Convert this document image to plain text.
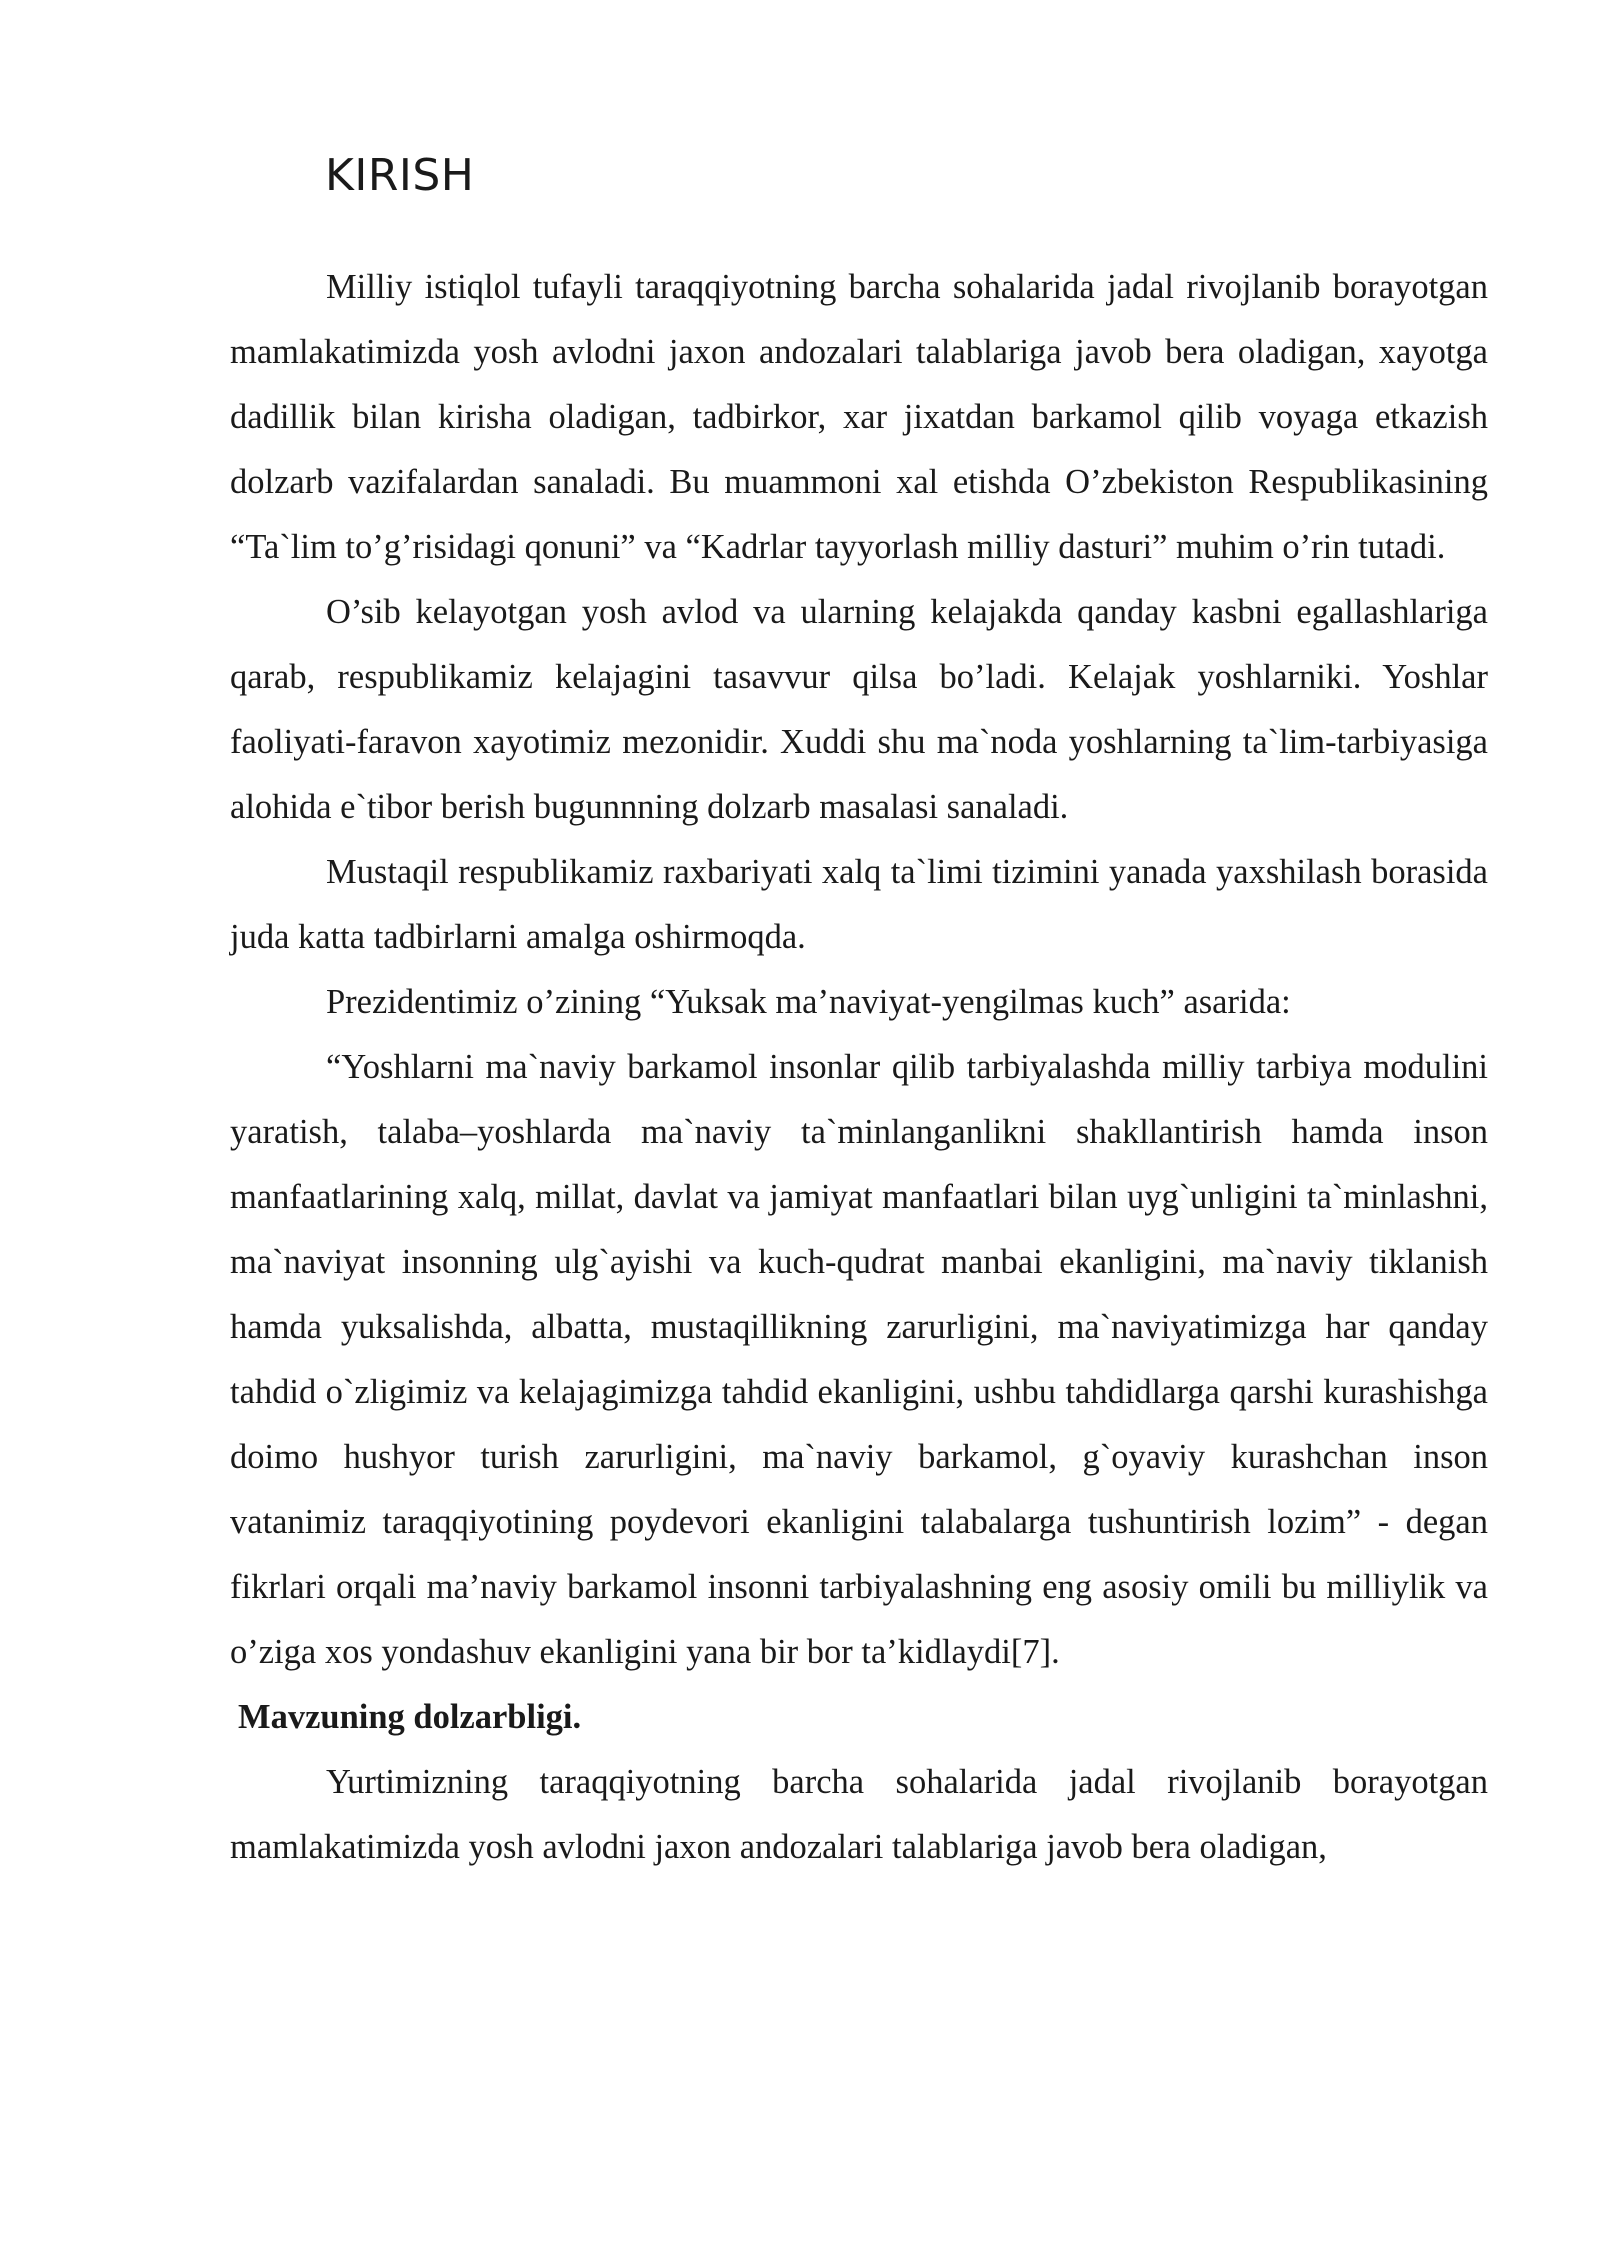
KIRISH

Milliy istiqlol tufayli taraqqiyotning barcha sohalarida jadal rivojlanib borayotgan mamlakatimizda yosh avlodni jaxon andozalari talablariga javob bera oladigan, xayotga dadillik bilan kirisha oladigan, tadbirkor, xar jixatdan barkamol qilib voyaga etkazish dolzarb vazifalardan sanaladi. Bu muammoni xal etishda O’zbekiston Respublikasining “Ta`lim to’g’risidagi qonuni” va “Kadrlar tayyorlash milliy dasturi” muhim o’rin tutadi.

O’sib kelayotgan yosh avlod va ularning kelajakda qanday kasbni egallashlariga qarab, respublikamiz kelajagini tasavvur qilsa bo’ladi. Kelajak yoshlarniki. Yoshlar faoliyati-faravon xayotimiz mezonidir. Xuddi shu ma`noda yoshlarning ta`lim-tarbiyasiga alohida e`tibor berish bugunnning dolzarb masalasi sanaladi.

Mustaqil respublikamiz raxbariyati xalq ta`limi tizimini yanada yaxshilash borasida juda katta tadbirlarni amalga oshirmoqda.

Prezidentimiz o’zining “Yuksak ma’naviyat-yengilmas kuch” asarida:

“Yoshlarni ma`naviy barkamol insonlar qilib tarbiyalashda milliy tarbiya modulini yaratish, talaba–yoshlarda ma`naviy ta`minlanganlikni shakllantirish hamda inson manfaatlarining xalq, millat, davlat va jamiyat manfaatlari bilan uyg`unligini ta`minlashni, ma`naviyat insonning ulg`ayishi va kuch-qudrat manbai ekanligini, ma`naviy tiklanish hamda yuksalishda, albatta, mustaqillikning zarurligini, ma`naviyatimizga har qanday tahdid o`zligimiz va kelajagimizga tahdid ekanligini, ushbu tahdidlarga qarshi kurashishga doimo hushyor turish zarurligini, ma`naviy barkamol, g`oyaviy kurashchan inson vatanimiz taraqqiyotining poydevori ekanligini talabalarga tushuntirish lozim” - degan fikrlari orqali ma’naviy barkamol insonni tarbiyalashning eng asosiy omili bu milliylik va o’ziga xos yondashuv ekanligini yana bir bor ta’kidlaydi[7].

Mavzuning dolzarbligi.

Yurtimizning taraqqiyotning barcha sohalarida jadal rivojlanib borayotgan mamlakatimizda yosh avlodni jaxon andozalari talablariga javob bera oladigan,
